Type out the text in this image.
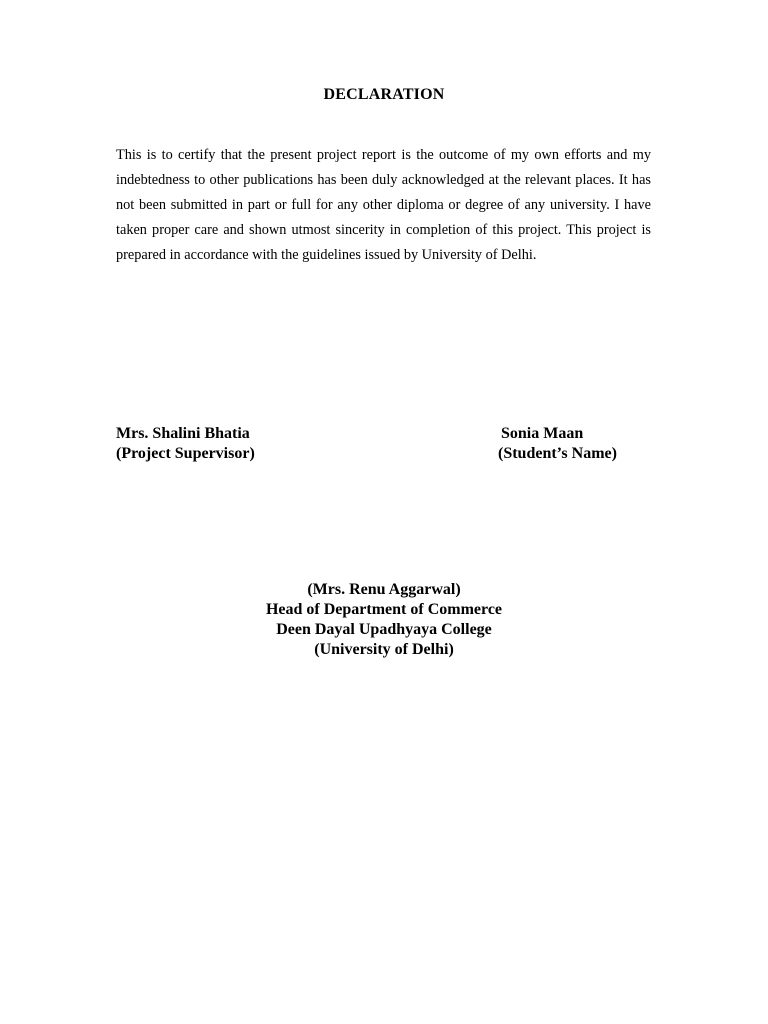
DECLARATION

This is to certify that the present project report is the outcome of my own efforts and my indebtedness to other publications has been duly acknowledged at the relevant places. It has not been submitted in part or full for any other diploma or degree of any university. I have taken proper care and shown utmost sincerity in completion of this project. This project is prepared in accordance with the guidelines issued by University of Delhi.

Mrs. Shalini Bhatia
(Project Supervisor)
Sonia Maan
(Student’s Name)
(Mrs. Renu Aggarwal)
Head of Department of Commerce
Deen Dayal Upadhyaya College
(University of Delhi)
